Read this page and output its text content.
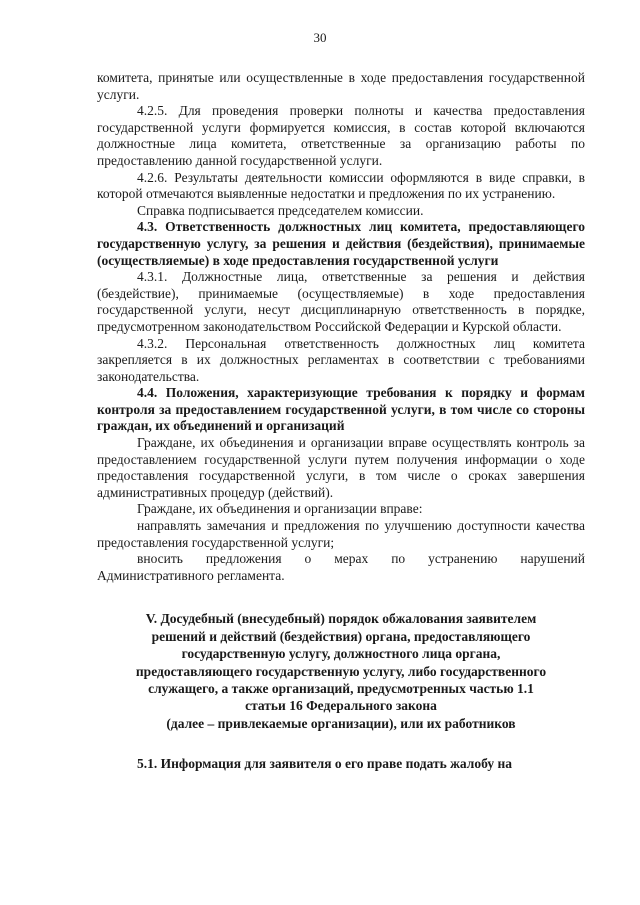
30

комитета, принятые или осуществленные в ходе предоставления государственной услуги.

4.2.5. Для проведения проверки полноты и качества предоставления государственной услуги формируется комиссия, в состав которой включаются должностные лица комитета, ответственные за организацию работы по предоставлению данной государственной услуги.

4.2.6. Результаты деятельности комиссии оформляются в виде справки, в которой отмечаются выявленные недостатки и предложения по их устранению.

Справка подписывается председателем комиссии.

4.3. Ответственность должностных лиц комитета, предоставляющего государственную услугу, за решения и действия (бездействия), принимаемые (осуществляемые) в ходе предоставления государственной услуги

4.3.1. Должностные лица, ответственные за решения и действия (бездействие), принимаемые (осуществляемые) в ходе предоставления государственной услуги, несут дисциплинарную ответственность в порядке, предусмотренном законодательством Российской Федерации и Курской области.

4.3.2. Персональная ответственность должностных лиц комитета закрепляется в их должностных регламентах в соответствии с требованиями законодательства.

4.4. Положения, характеризующие требования к порядку и формам контроля за предоставлением государственной услуги, в том числе со стороны граждан, их объединений и организаций

Граждане, их объединения и организации вправе осуществлять контроль за предоставлением государственной услуги путем получения информации о ходе предоставления государственной услуги, в том числе о сроках завершения административных процедур (действий).

Граждане, их объединения и организации вправе:

направлять замечания и предложения по улучшению доступности качества предоставления государственной услуги;

вносить предложения о мерах по устранению нарушений Административного регламента.

V. Досудебный (внесудебный) порядок обжалования заявителем

решений и действий (бездействия) органа, предоставляющего

государственную услугу, должностного лица органа,

предоставляющего государственную услугу, либо государственного

служащего, а также организаций, предусмотренных частью 1.1

статьи 16 Федерального закона

(далее – привлекаемые организации), или их работников

5.1. Информация для заявителя о его праве подать жалобу на
